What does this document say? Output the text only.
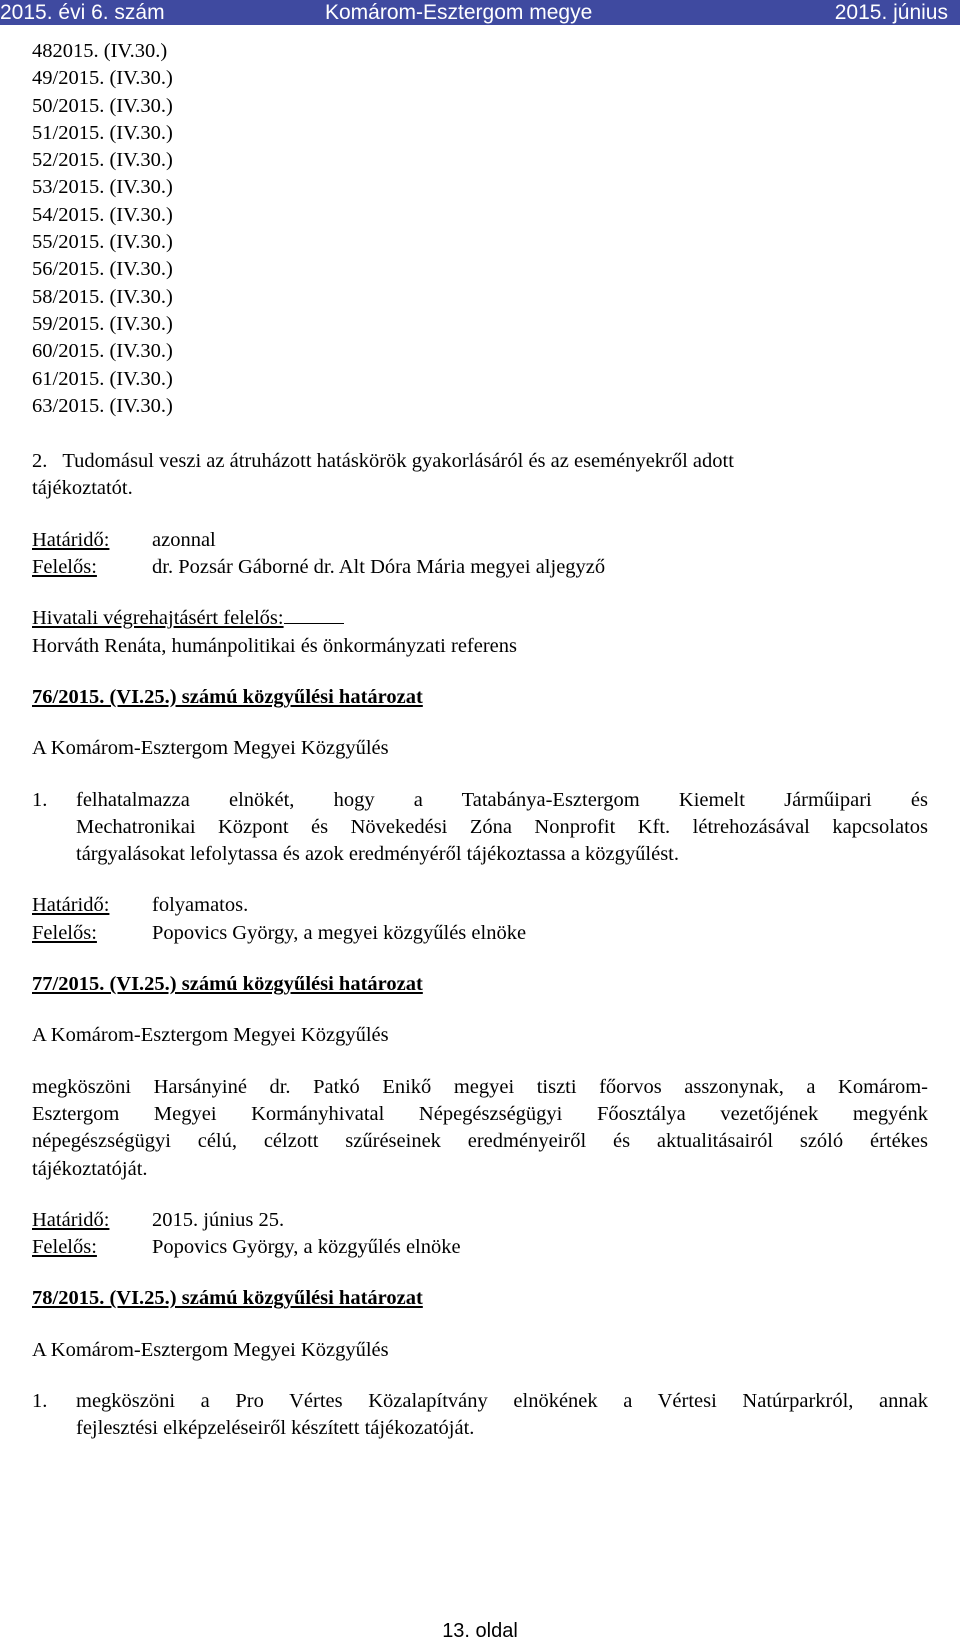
2015. évi 6. szám	Komárom-Esztergom megye	2015. június
482015. (IV.30.)
49/2015. (IV.30.)
50/2015. (IV.30.)
51/2015. (IV.30.)
52/2015. (IV.30.)
53/2015. (IV.30.)
54/2015. (IV.30.)
55/2015. (IV.30.)
56/2015. (IV.30.)
58/2015. (IV.30.)
59/2015. (IV.30.)
60/2015. (IV.30.)
61/2015. (IV.30.)
63/2015. (IV.30.)
2.   Tudomásul veszi az átruházott hatáskörök gyakorlásáról és az eseményekről adott
tájékoztatót.
Határidő:	azonnal
Felelős:	dr. Pozsár Gáborné dr. Alt Dóra Mária megyei aljegyző
Hivatali végrehajtásért felelős:
Horváth Renáta, humánpolitikai és önkormányzati referens
76/2015. (VI.25.) számú közgyűlési határozat
A Komárom-Esztergom Megyei Közgyűlés
1.	felhatalmazza elnökét, hogy a Tatabánya-Esztergom Kiemelt Járműipari és
Mechatronikai Központ és Növekedési Zóna Nonprofit Kft. létrehozásával kapcsolatos
tárgyalásokat lefolytassa és azok eredményéről tájékoztassa a közgyűlést.
Határidő:	folyamatos.
Felelős:	Popovics György, a megyei közgyűlés elnöke
77/2015. (VI.25.) számú közgyűlési határozat
A Komárom-Esztergom Megyei Közgyűlés
megköszöni Harsányiné dr. Patkó Enikő megyei tiszti főorvos asszonynak, a Komárom-
Esztergom Megyei Kormányhivatal Népegészségügyi Főosztálya vezetőjének megyénk
népegészségügyi célú, célzott szűréseinek eredményeiről és aktualitásairól szóló értékes
tájékoztatóját.
Határidő:	2015. június 25.
Felelős:	Popovics György, a közgyűlés elnöke
78/2015. (VI.25.) számú közgyűlési határozat
A Komárom-Esztergom Megyei Közgyűlés
1.	megköszöni a Pro Vértes Közalapítvány elnökének a Vértesi Natúrparkról, annak
fejlesztési elképzeléseiről készített tájékozatóját.
13. oldal
